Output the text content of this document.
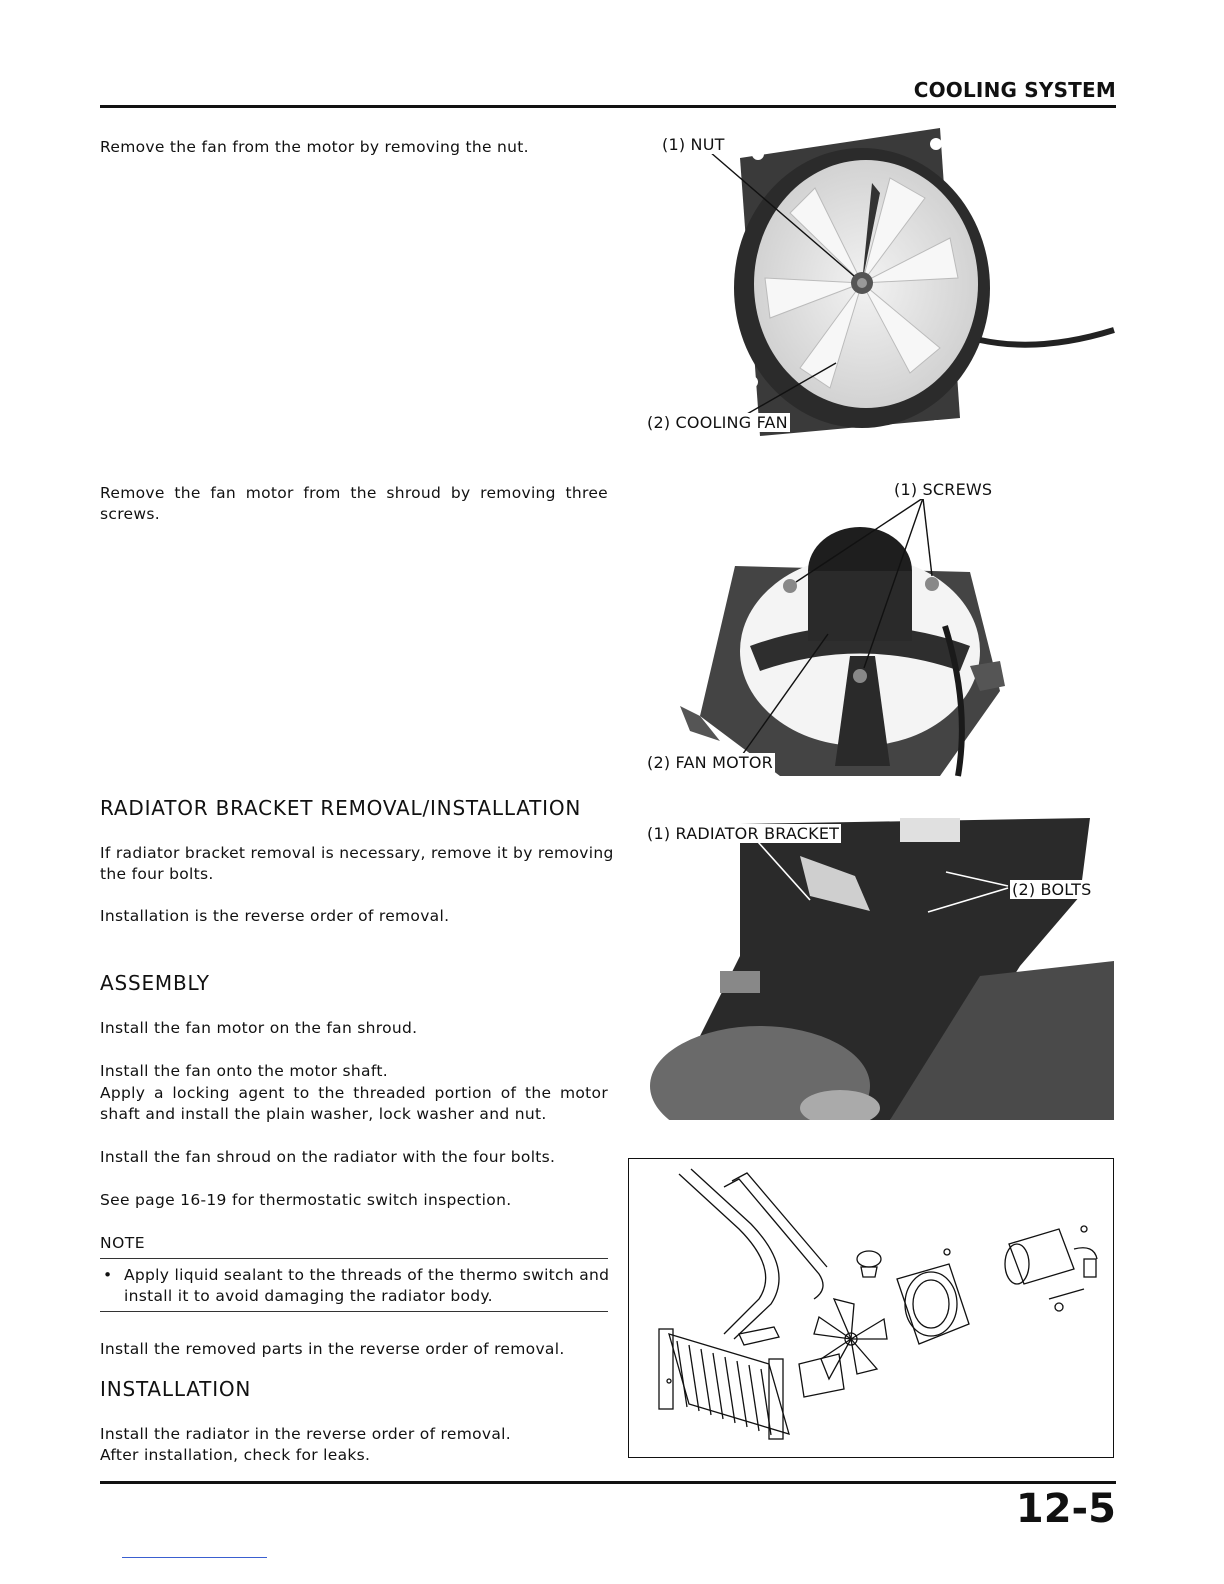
COOLING SYSTEM
Remove the fan from the motor by removing the nut.
Remove the fan motor from the shroud by removing three
screws.
RADIATOR BRACKET REMOVAL/INSTALLATION
If radiator bracket removal is necessary, remove it by removing
the four bolts.
Installation is the reverse order of removal.
ASSEMBLY
Install the fan motor on the fan shroud.
Install the fan onto the motor shaft.
Apply a locking agent to the threaded portion of the motor
shaft and install the plain washer, lock washer and nut.
Install the fan shroud on the radiator with the four bolts.
See page 16-19 for thermostatic switch inspection.
NOTE
• Apply liquid sealant to the threads of the thermo switch and
install it to avoid damaging the radiator body.
Install the removed parts in the reverse order of removal.
INSTALLATION
Install the radiator in the reverse order of removal.
After installation, check for leaks.
(1) NUT
(2) COOLING FAN
(1) SCREWS
(2) FAN MOTOR
(1) RADIATOR BRACKET
(2) BOLTS
12-5
